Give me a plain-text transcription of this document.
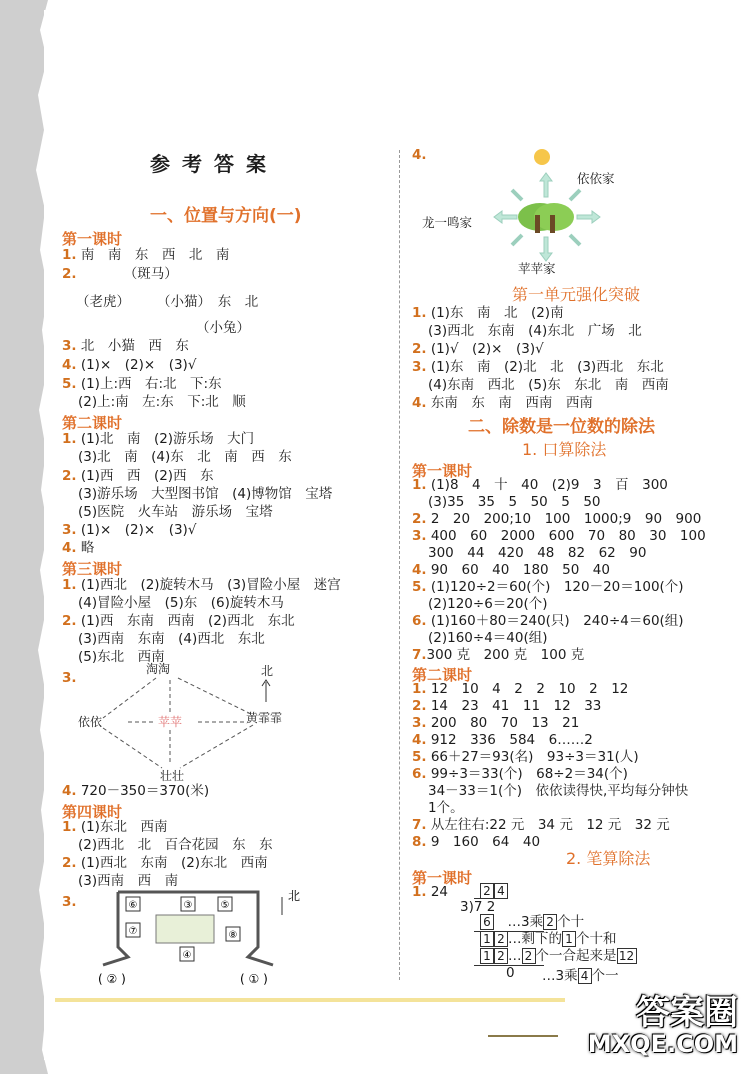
参考答案
一、位置与方向(一)
第一课时
1. 南　南　东　西　北　南
2.　　　　	（斑马）
（老虎）　　　（小猫）　东　北
（小兔）
3. 北　小猫　西　东
4. (1)×　(2)×　(3)√
5. (1)上:西　右:北　下:东
(2)上:南　左:东　下:北　顺
第二课时
1. (1)北　南　(2)游乐场　大门
(3)北　南　(4)东　北　南　西　东
2. (1)西　西　(2)西　东
(3)游乐场　大型图书馆　(4)博物馆　宝塔
(5)医院　火车站　游乐场　宝塔
3. (1)×　(2)×　(3)√
4. 略
第三课时
1. (1)西北　(2)旋转木马　(3)冒险小屋　迷宫
(4)冒险小屋　(5)东　(6)旋转木马
2. (1)西　东南　西南　(2)西北　东北
(3)西南　东南　(4)西北　东北
(5)东北　西南
3.
淘淘	北
依依	苹苹	黄霏霏
壮壮
4. 720－350＝370(米)
第四课时
1. (1)东北　西南
(2)西北　北　百合花园　东　东
2. (1)西北　东南　(2)东北　西南
(3)西南　西　南
3.	⑥	③	⑤
⑦	⑧
④
( ② )	( ① )
北
4.
依依家
龙一鸣家
苹苹家
第一单元强化突破
1. (1)东　南　北　(2)南
(3)西北　东南　(4)东北　广场　北
2. (1)√　(2)×　(3)√
3. (1)东　南　(2)北　北　(3)西北　东北
(4)东南　西北　(5)东　东北　南　西南
4. 东南　东　南　西南　西南
二、除数是一位数的除法
1. 口算除法
第一课时
1. (1)8　4　十　40　(2)9　3　百　300
(3)35　35　5　50　5　50
2. 2　20　200;10　100　1000;9　90　900
3. 400　60　2000　600　70　80　30　100
300　44　420　48　82　62　90
4. 90　60　40　180　50　40
5. (1)120÷2＝60(个)　120－20＝100(个)
(2)120÷6＝20(个)
6. (1)160＋80＝240(只)　240÷4＝60(组)
(2)160÷4＝40(组)
7.300 克　200 克　100 克
第二课时
1. 12　10　4　2　2　10　2　12
2. 14　23　41　11　12　33
3. 200　80　70　13　21
4. 912　336　584　6……2
5. 66＋27＝93(名)　93÷3＝31(人)
6. 99÷3＝33(个)　68÷2＝34(个)
34－33＝1(个)　依依读得快,平均每分钟快
1个。
7. 从左往右:22 元　34 元　12 元　32 元
8. 9　160　64　40
2. 笔算除法
第一课时
1. 24	2 4
3)7 2
6　 …3乘 2 个十
1 2 …剩下的 1 个十和
1 2 … 2 个一合起来是 12
0 …3乘 4 个一
答案圈
MXQE.COM
